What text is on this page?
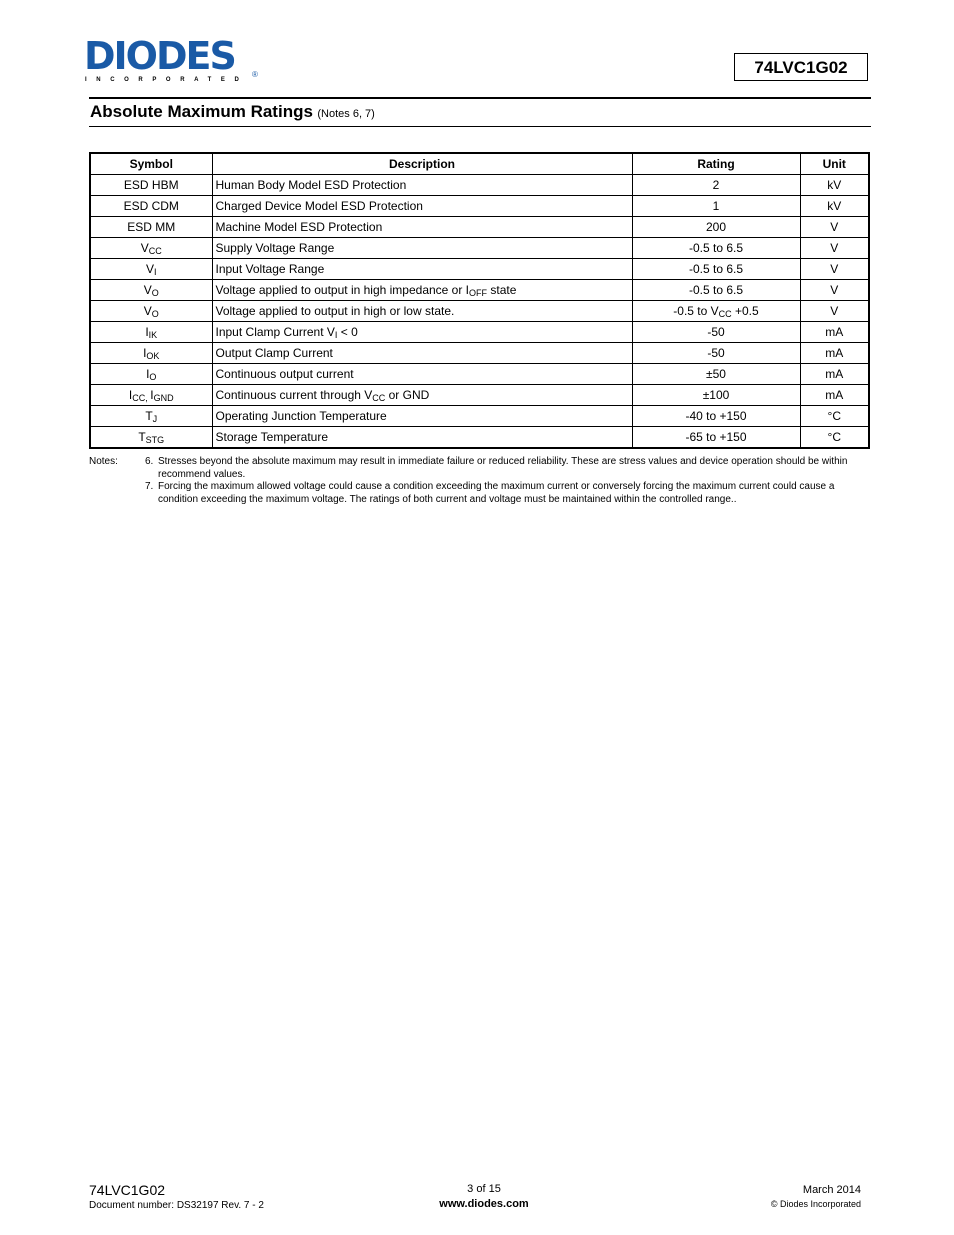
DIODES ®
INCORPORATED
74LVC1G02
Absolute Maximum Ratings (Notes 6, 7)
Symbol	Description	Rating	Unit
ESD HBM	Human Body Model ESD Protection	2	kV
ESD CDM	Charged Device Model ESD Protection	1	kV
ESD MM	Machine Model ESD Protection	200	V
$V_{CC}$	Supply Voltage Range	-0.5 to 6.5	V
$V_I$	Input Voltage Range	-0.5 to 6.5	V
$V_O$	Voltage applied to output in high impedance or $I_{OFF}$ state	-0.5 to 6.5	V
$V_O$	Voltage applied to output in high or low state.	-0.5 to $V_{CC} +0.5$	V
$I_{IK}$	Input Clamp Current $V_I < 0$	-50	mA
$I_{OK}$	Output Clamp Current	-50	mA
$I_O$	Continuous output current	±50	mA
$I_{CC,}$ $I_{GND}$	Continuous current through $V_{CC}$ or GND	±100	mA
$T_J$	Operating Junction Temperature	-40 to +150	°C
$T_{STG}$	Storage Temperature	-65 to +150	°C
Notes:	6. Stresses beyond the absolute maximum may result in immediate failure or reduced reliability. These are stress values and device operation should be within recommend values.
7. Forcing the maximum allowed voltage could cause a condition exceeding the maximum current or conversely forcing the maximum current could cause a condition exceeding the maximum voltage. The ratings of both current and voltage must be maintained within the controlled range..
74LVC1G02
Document number: DS32197 Rev. 7 - 2
3 of 15
www.diodes.com
March 2014
© Diodes Incorporated
